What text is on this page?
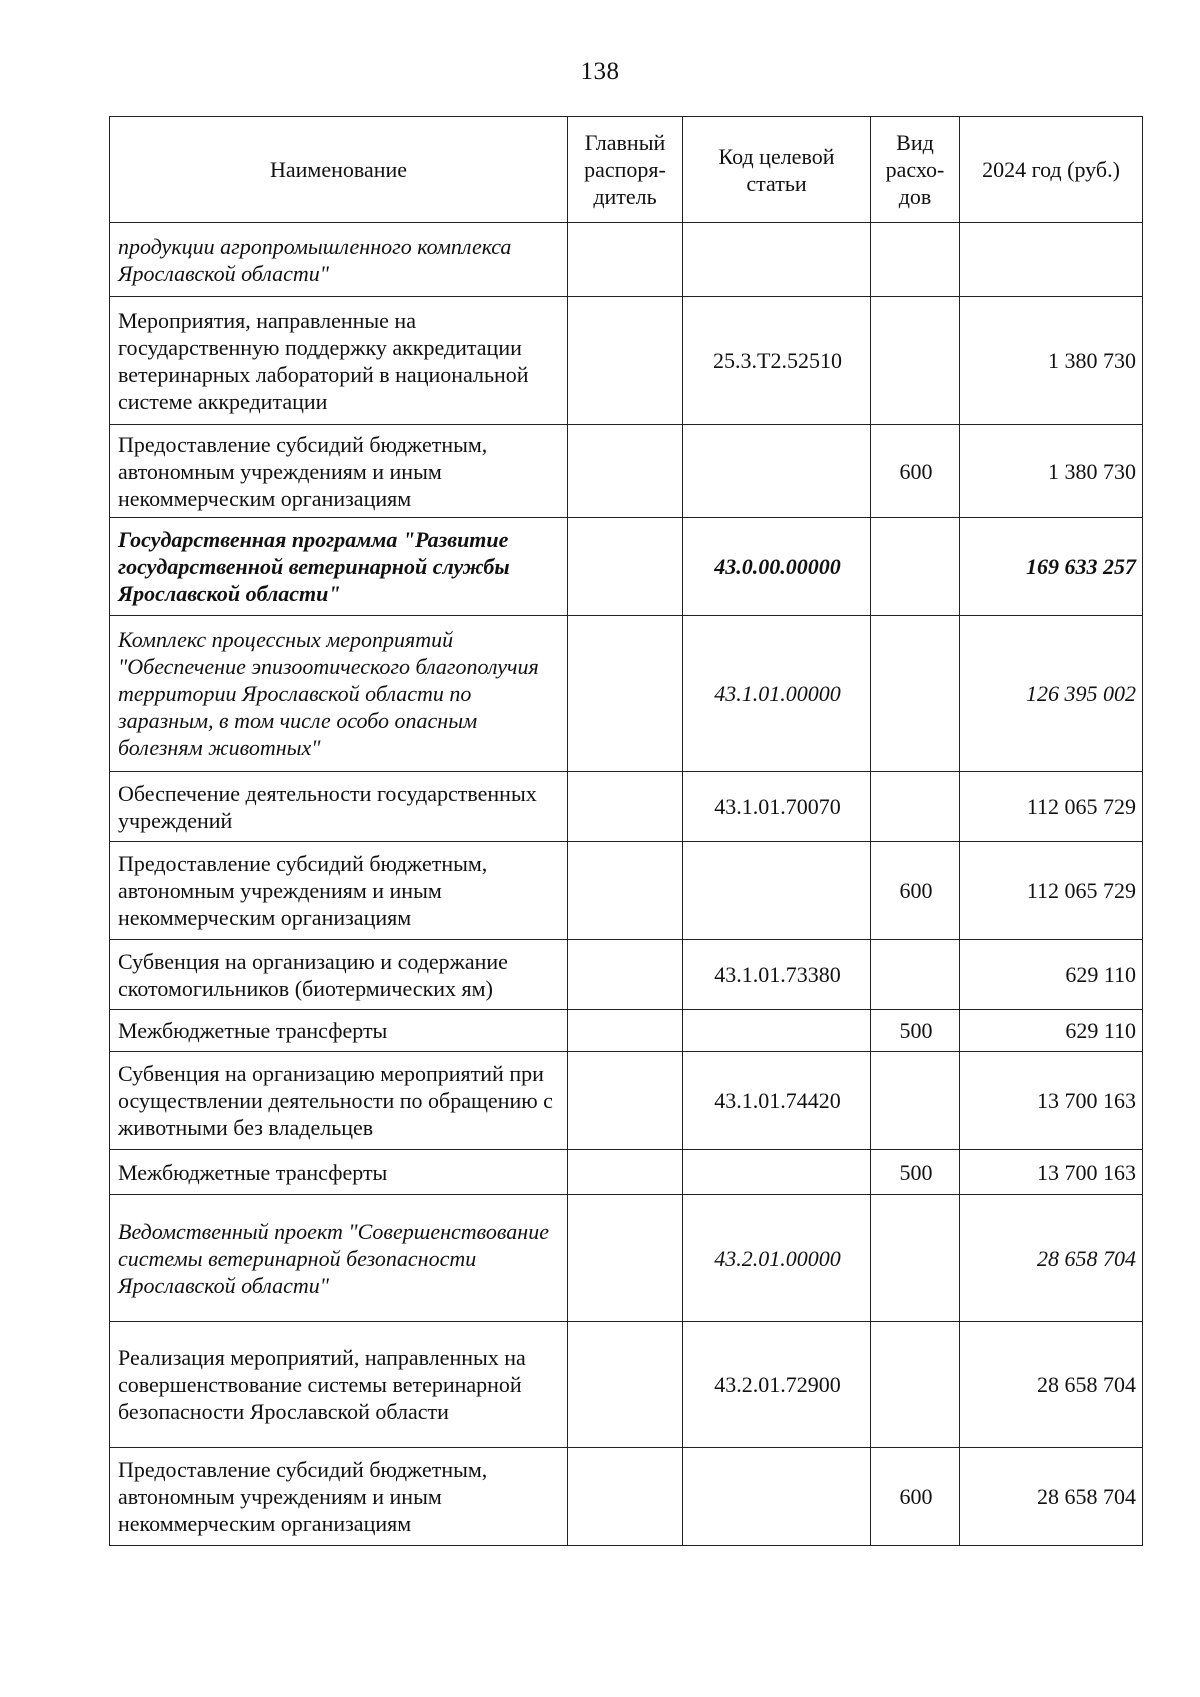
138
Наименование	Главный распоря-дитель	Код целевой статьи	Вид расхо-дов	2024 год (руб.)
продукции агропромышленного комплекса Ярославской области"				
Мероприятия, направленные на государственную поддержку аккредитации ветеринарных лабораторий в национальной системе аккредитации		25.3.Т2.52510		1 380 730
Предоставление субсидий бюджетным, автономным учреждениям и иным некоммерческим организациям			600	1 380 730
Государственная программа "Развитие государственной ветеринарной службы Ярославской области"		43.0.00.00000		169 633 257
Комплекс процессных мероприятий "Обеспечение эпизоотического благополучия территории Ярославской области по заразным, в том числе особо опасным болезням животных"		43.1.01.00000		126 395 002
Обеспечение деятельности государственных учреждений		43.1.01.70070		112 065 729
Предоставление субсидий бюджетным, автономным учреждениям и иным некоммерческим организациям			600	112 065 729
Субвенция на организацию и содержание скотомогильников (биотермических ям)		43.1.01.73380		629 110
Межбюджетные трансферты			500	629 110
Субвенция на организацию мероприятий при осуществлении деятельности по обращению с животными без владельцев		43.1.01.74420		13 700 163
Межбюджетные трансферты			500	13 700 163
Ведомственный проект "Совершенствование системы ветеринарной безопасности Ярославской области"		43.2.01.00000		28 658 704
Реализация мероприятий, направленных на совершенствование системы ветеринарной безопасности Ярославской области		43.2.01.72900		28 658 704
Предоставление субсидий бюджетным, автономным учреждениям и иным некоммерческим организациям			600	28 658 704
